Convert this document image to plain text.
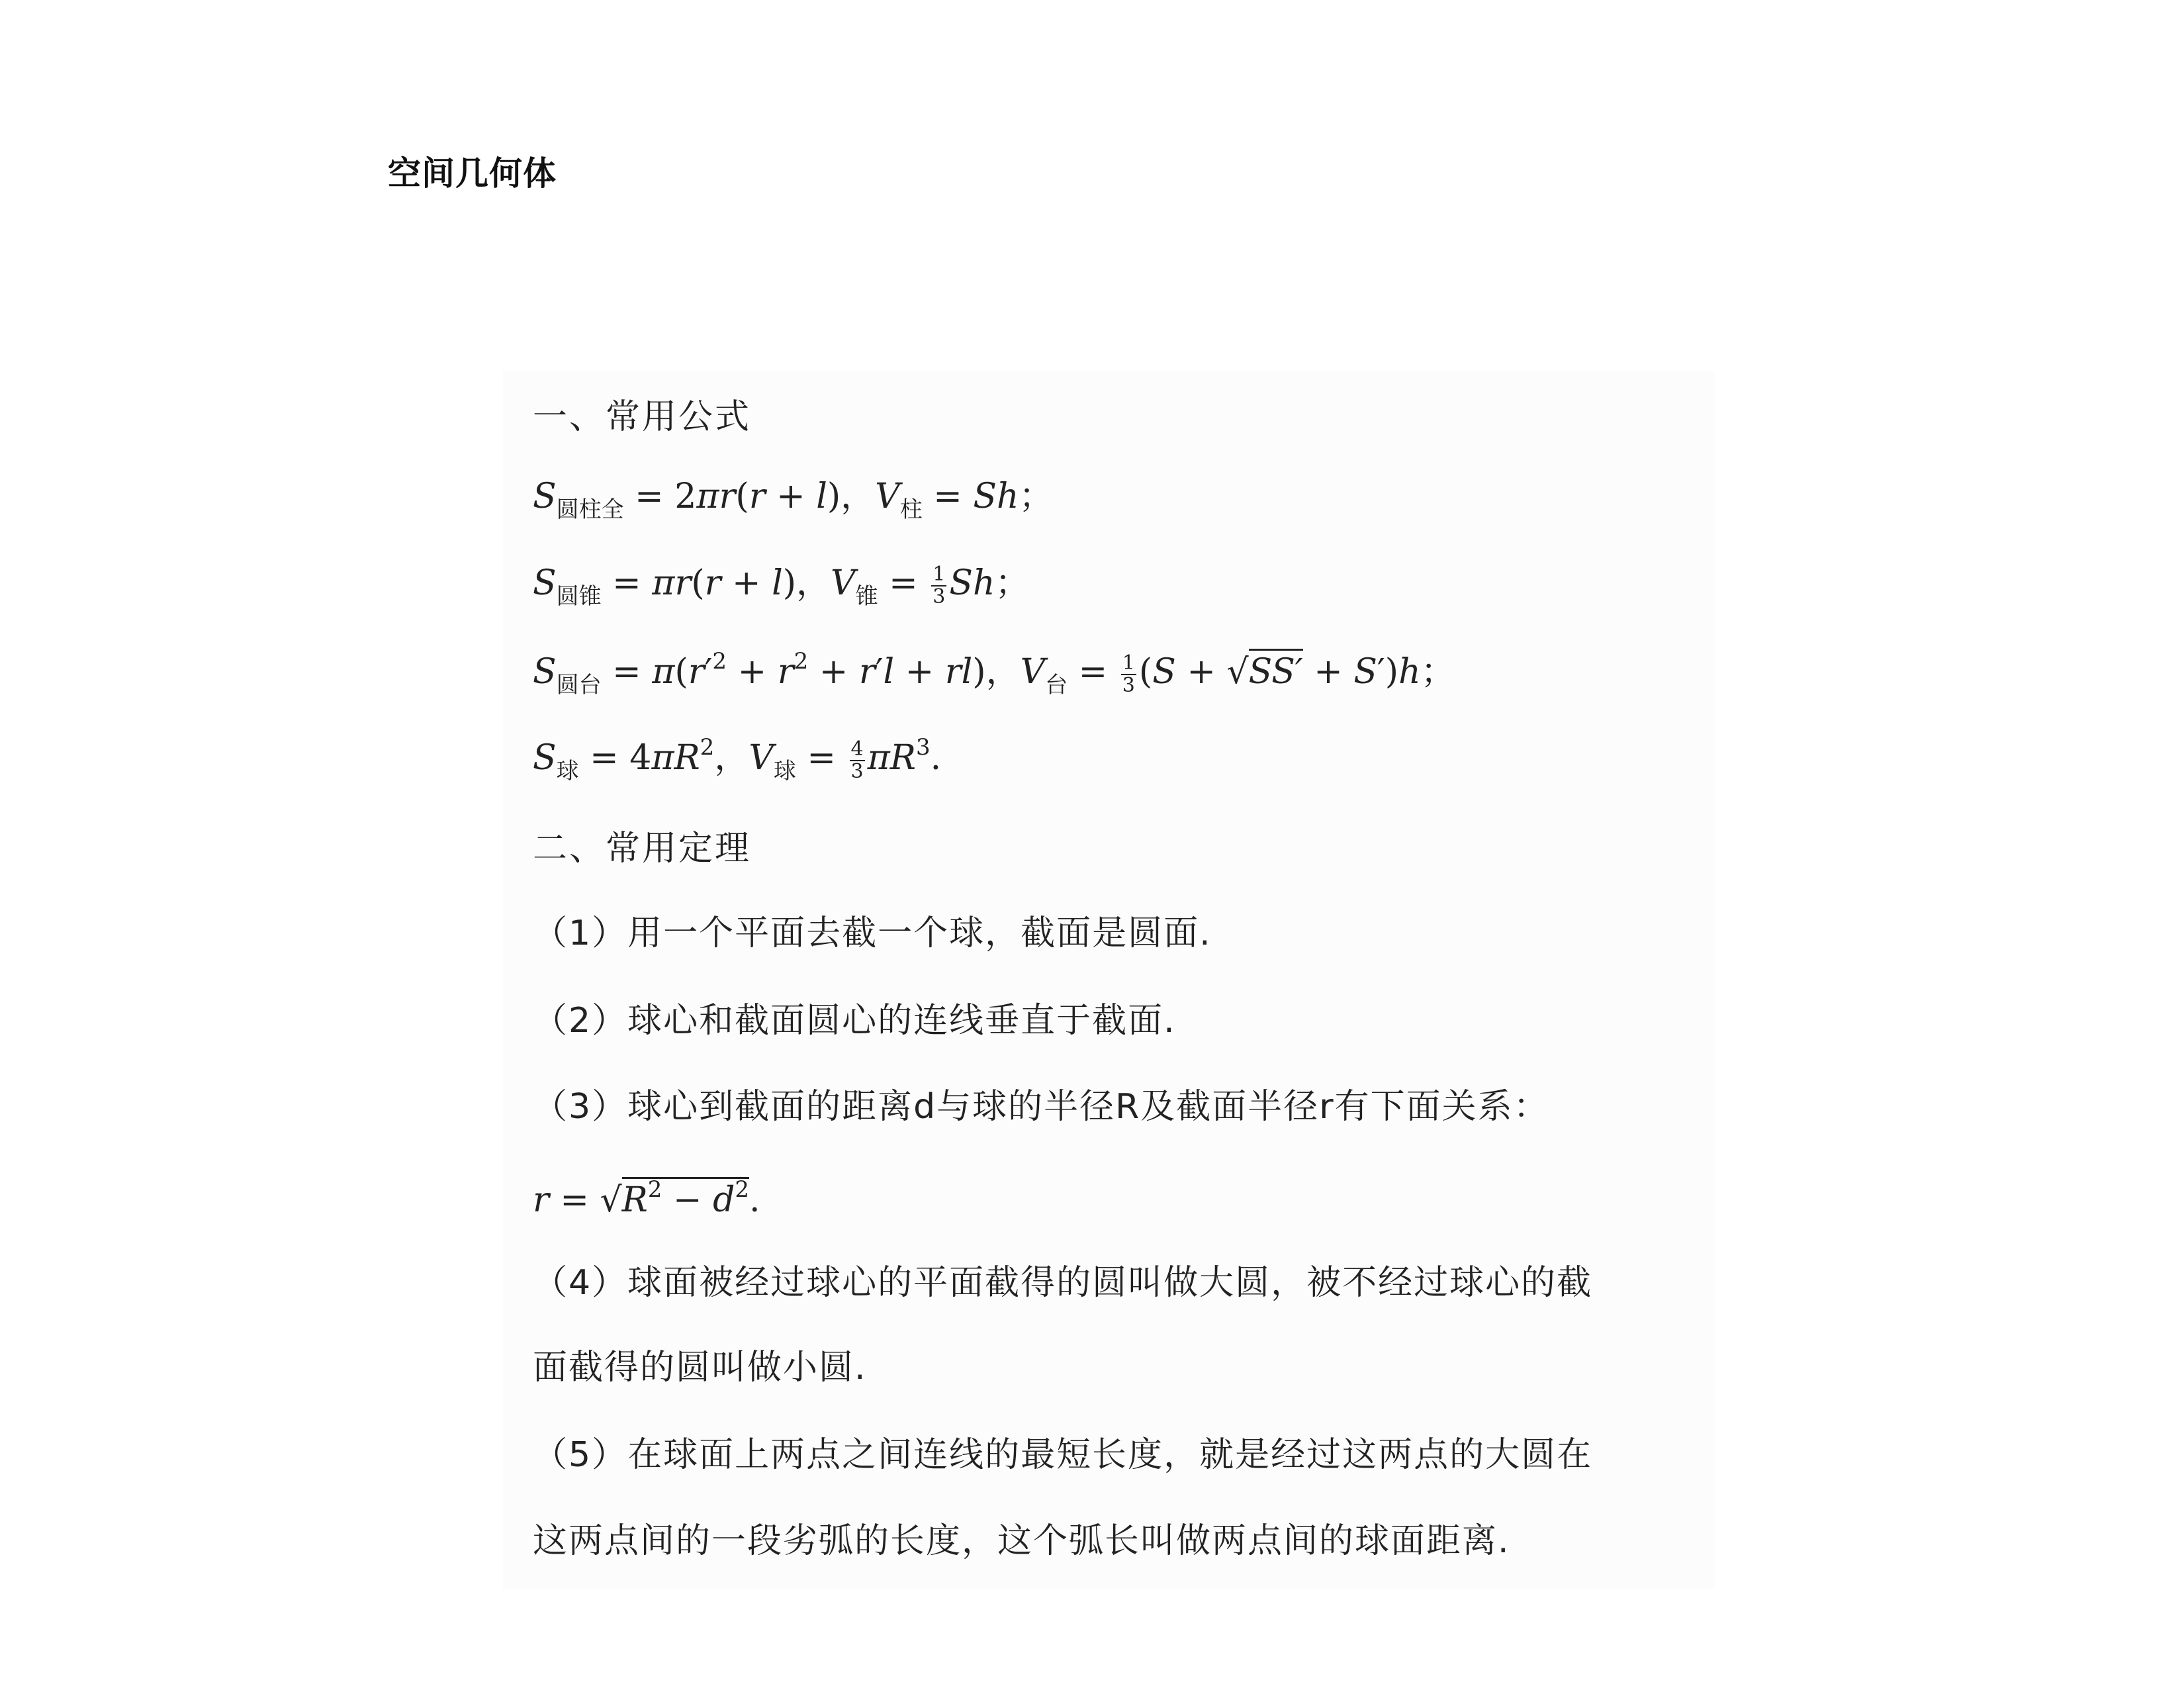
空间几何体
一、常用公式
$S_{圆柱全} = 2\pi r(r + l)$，$V_柱 = Sh$；
$S_{圆锥} = \pi r(r + l)$，$V_锥 = \frac{1}{3}$ Sh；
$S_{圆台} = \pi(r'^2 + r^2 + r'l + rl)$，$V_台 = \frac{1}{3} (S + √SS' + S')h$；
$S_球 = 4\pi R^2$，$V_球 = \frac{4}{3} \pi R^3$.
二、常用定理
（1）用一个平面去截一个球，截面是圆面.
（2）球心和截面圆心的连线垂直于截面.
（3）球心到截面的距离d与球的半径R及截面半径r有下面关系：
$r = √R^2 - d^2$.
（4）球面被经过球心的平面截得的圆叫做大圆，被不经过球心的截
面截得的圆叫做小圆.
（5）在球面上两点之间连线的最短长度，就是经过这两点的大圆在
这两点间的一段劣弧的长度，这个弧长叫做两点间的球面距离.
